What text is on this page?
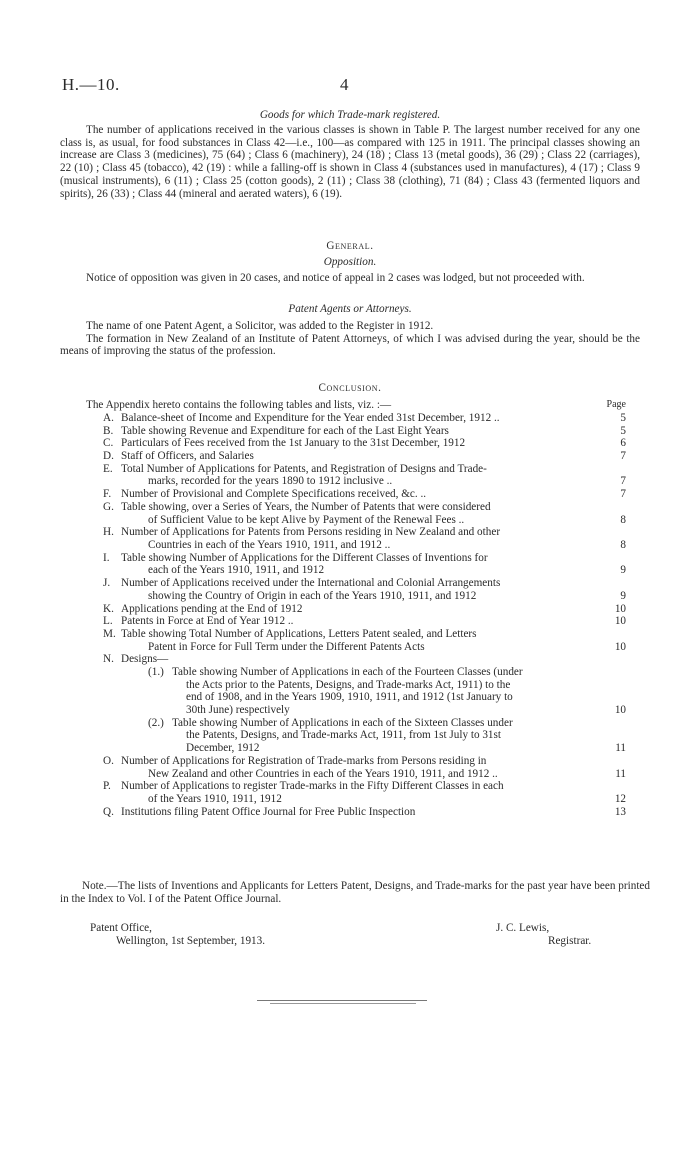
H.—10.	4
Goods for which Trade-mark registered.

The number of applications received in the various classes is shown in Table P. The largest number received for any one class is, as usual, for food substances in Class 42—i.e., 100—as compared with 125 in 1911. The principal classes showing an increase are Class 3 (medicines), 75 (64) ; Class 6 (machinery), 24 (18) ; Class 13 (metal goods), 36 (29) ; Class 22 (carriages), 22 (10) ; Class 45 (tobacco), 42 (19) : while a falling-off is shown in Class 4 (substances used in manufactures), 4 (17) ; Class 9 (musical instruments), 6 (11) ; Class 25 (cotton goods), 2 (11) ; Class 38 (clothing), 71 (84) ; Class 43 (fermented liquors and spirits), 26 (33) ; Class 44 (mineral and aerated waters), 6 (19).

General.
Opposition.

Notice of opposition was given in 20 cases, and notice of appeal in 2 cases was lodged, but not proceeded with.

Patent Agents or Attorneys.

The name of one Patent Agent, a Solicitor, was added to the Register in 1912.

The formation in New Zealand of an Institute of Patent Attorneys, of which I was advised during the year, should be the means of improving the status of the profession.

Conclusion.
The Appendix hereto contains the following tables and lists, viz. :—	Page
A. Balance-sheet of Income and Expenditure for the Year ended 31st December, 1912 ..	5
B. Table showing Revenue and Expenditure for each of the Last Eight Years	5
C. Particulars of Fees received from the 1st January to the 31st December, 1912	6
D. Staff of Officers, and Salaries	7
E. Total Number of Applications for Patents, and Registration of Designs and Trade-
marks, recorded for the years 1890 to 1912 inclusive ..	7
F. Number of Provisional and Complete Specifications received, &c. ..	7
G. Table showing, over a Series of Years, the Number of Patents that were considered
of Sufficient Value to be kept Alive by Payment of the Renewal Fees ..	8
H. Number of Applications for Patents from Persons residing in New Zealand and other
Countries in each of the Years 1910, 1911, and 1912 ..	8
I. Table showing Number of Applications for the Different Classes of Inventions for
each of the Years 1910, 1911, and 1912	9
J. Number of Applications received under the International and Colonial Arrangements
showing the Country of Origin in each of the Years 1910, 1911, and 1912	9
K. Applications pending at the End of 1912	10
L. Patents in Force at End of Year 1912 ..	10
M. Table showing Total Number of Applications, Letters Patent sealed, and Letters
Patent in Force for Full Term under the Different Patents Acts	10
N. Designs—
(1.) Table showing Number of Applications in each of the Fourteen Classes (under
the Acts prior to the Patents, Designs, and Trade-marks Act, 1911) to the
end of 1908, and in the Years 1909, 1910, 1911, and 1912 (1st January to
30th June) respectively	10
(2.) Table showing Number of Applications in each of the Sixteen Classes under
the Patents, Designs, and Trade-marks Act, 1911, from 1st July to 31st
December, 1912	11
O. Number of Applications for Registration of Trade-marks from Persons residing in
New Zealand and other Countries in each of the Years 1910, 1911, and 1912 ..	11
P. Number of Applications to register Trade-marks in the Fifty Different Classes in each
of the Years 1910, 1911, 1912	12
Q. Institutions filing Patent Office Journal for Free Public Inspection	13
Note.—The lists of Inventions and Applicants for Letters Patent, Designs, and Trade-marks for the past year have been printed in the Index to Vol. I of the Patent Office Journal.
Patent Office,
Wellington, 1st September, 1913.
J. C. Lewis,
Registrar.
